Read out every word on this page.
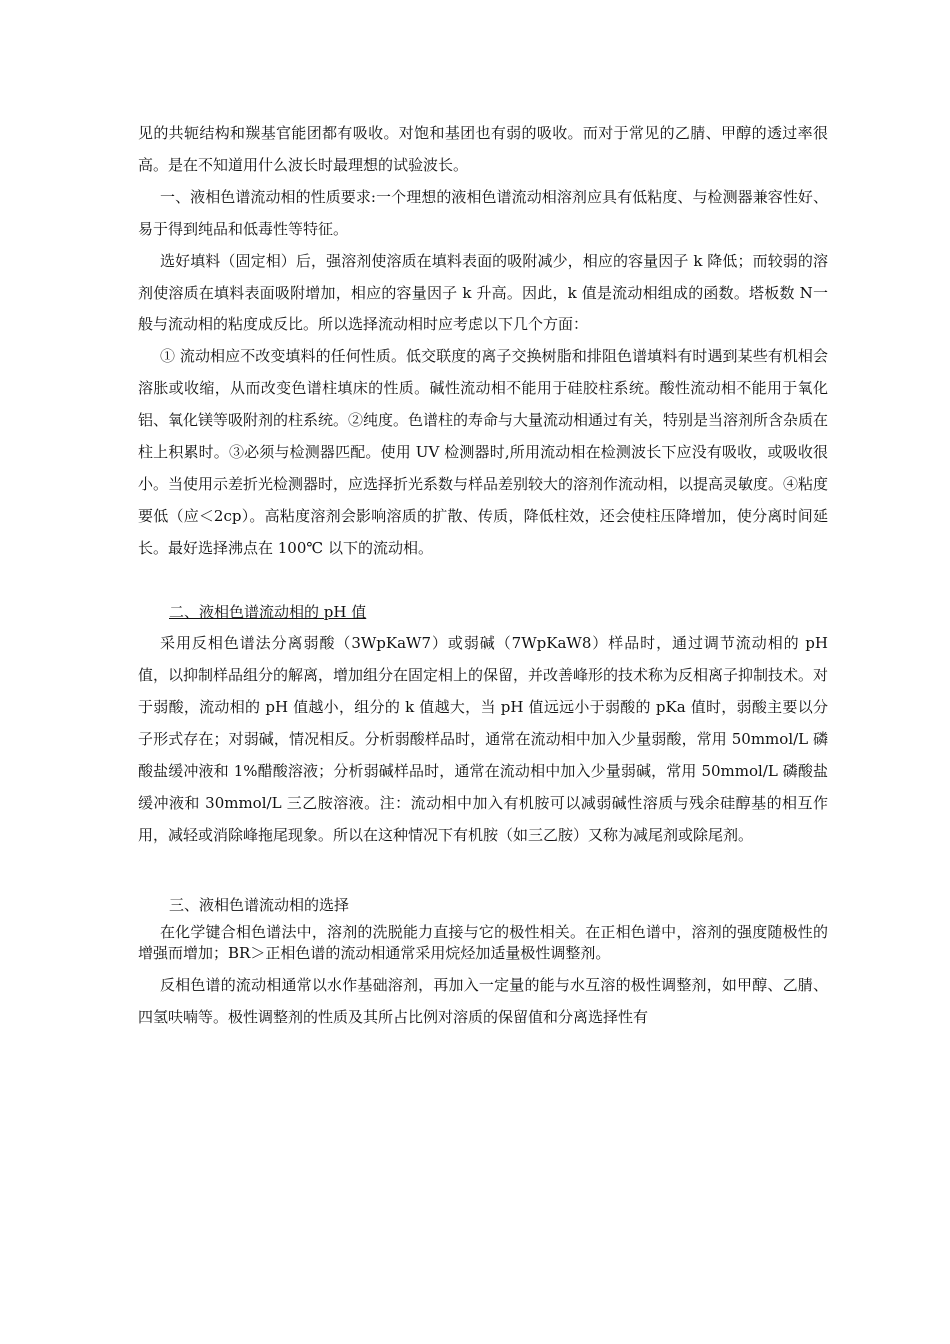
见的共轭结构和羰基官能团都有吸收。对饱和基团也有弱的吸收。而对于常见的乙腈、甲醇的透过率很高。是在不知道用什么波长时最理想的试验波长。

一、液相色谱流动相的性质要求:一个理想的液相色谱流动相溶剂应具有低粘度、与检测器兼容性好、易于得到纯品和低毒性等特征。

选好填料（固定相）后，强溶剂使溶质在填料表面的吸附减少，相应的容量因子 k 降低；而较弱的溶剂使溶质在填料表面吸附增加，相应的容量因子 k 升高。因此，k 值是流动相组成的函数。塔板数 N一般与流动相的粘度成反比。所以选择流动相时应考虑以下几个方面：

① 流动相应不改变填料的任何性质。低交联度的离子交换树脂和排阻色谱填料有时遇到某些有机相会溶胀或收缩，从而改变色谱柱填床的性质。碱性流动相不能用于硅胶柱系统。酸性流动相不能用于氧化铝、氧化镁等吸附剂的柱系统。②纯度。色谱柱的寿命与大量流动相通过有关，特别是当溶剂所含杂质在柱上积累时。③必须与检测器匹配。使用 UV 检测器时,所用流动相在检测波长下应没有吸收，或吸收很小。当使用示差折光检测器时，应选择折光系数与样品差别较大的溶剂作流动相，以提高灵敏度。④粘度要低（应＜2cp）。高粘度溶剂会影响溶质的扩散、传质，降低柱效，还会使柱压降增加，使分离时间延长。最好选择沸点在 100℃ 以下的流动相。

二、液相色谱流动相的 pH 值

采用反相色谱法分离弱酸（3WpKaW7）或弱碱（7WpKaW8）样品时，通过调节流动相的 pH 值，以抑制样品组分的解离，增加组分在固定相上的保留，并改善峰形的技术称为反相离子抑制技术。对于弱酸，流动相的 pH 值越小，组分的 k 值越大，当 pH 值远远小于弱酸的 pKa 值时，弱酸主要以分子形式存在；对弱碱，情况相反。分析弱酸样品时，通常在流动相中加入少量弱酸，常用 50mmol/L 磷酸盐缓冲液和 1%醋酸溶液；分析弱碱样品时，通常在流动相中加入少量弱碱，常用 50mmol/L 磷酸盐缓冲液和 30mmol/L 三乙胺溶液。注：流动相中加入有机胺可以减弱碱性溶质与残余硅醇基的相互作用，减轻或消除峰拖尾现象。所以在这种情况下有机胺（如三乙胺）又称为减尾剂或除尾剂。

三、液相色谱流动相的选择

在化学键合相色谱法中，溶剂的洗脱能力直接与它的极性相关。在正相色谱中，溶剂的强度随极性的增强而增加；BR＞正相色谱的流动相通常采用烷烃加适量极性调整剂。

反相色谱的流动相通常以水作基础溶剂，再加入一定量的能与水互溶的极性调整剂，如甲醇、乙腈、四氢呋喃等。极性调整剂的性质及其所占比例对溶质的保留值和分离选择性有
